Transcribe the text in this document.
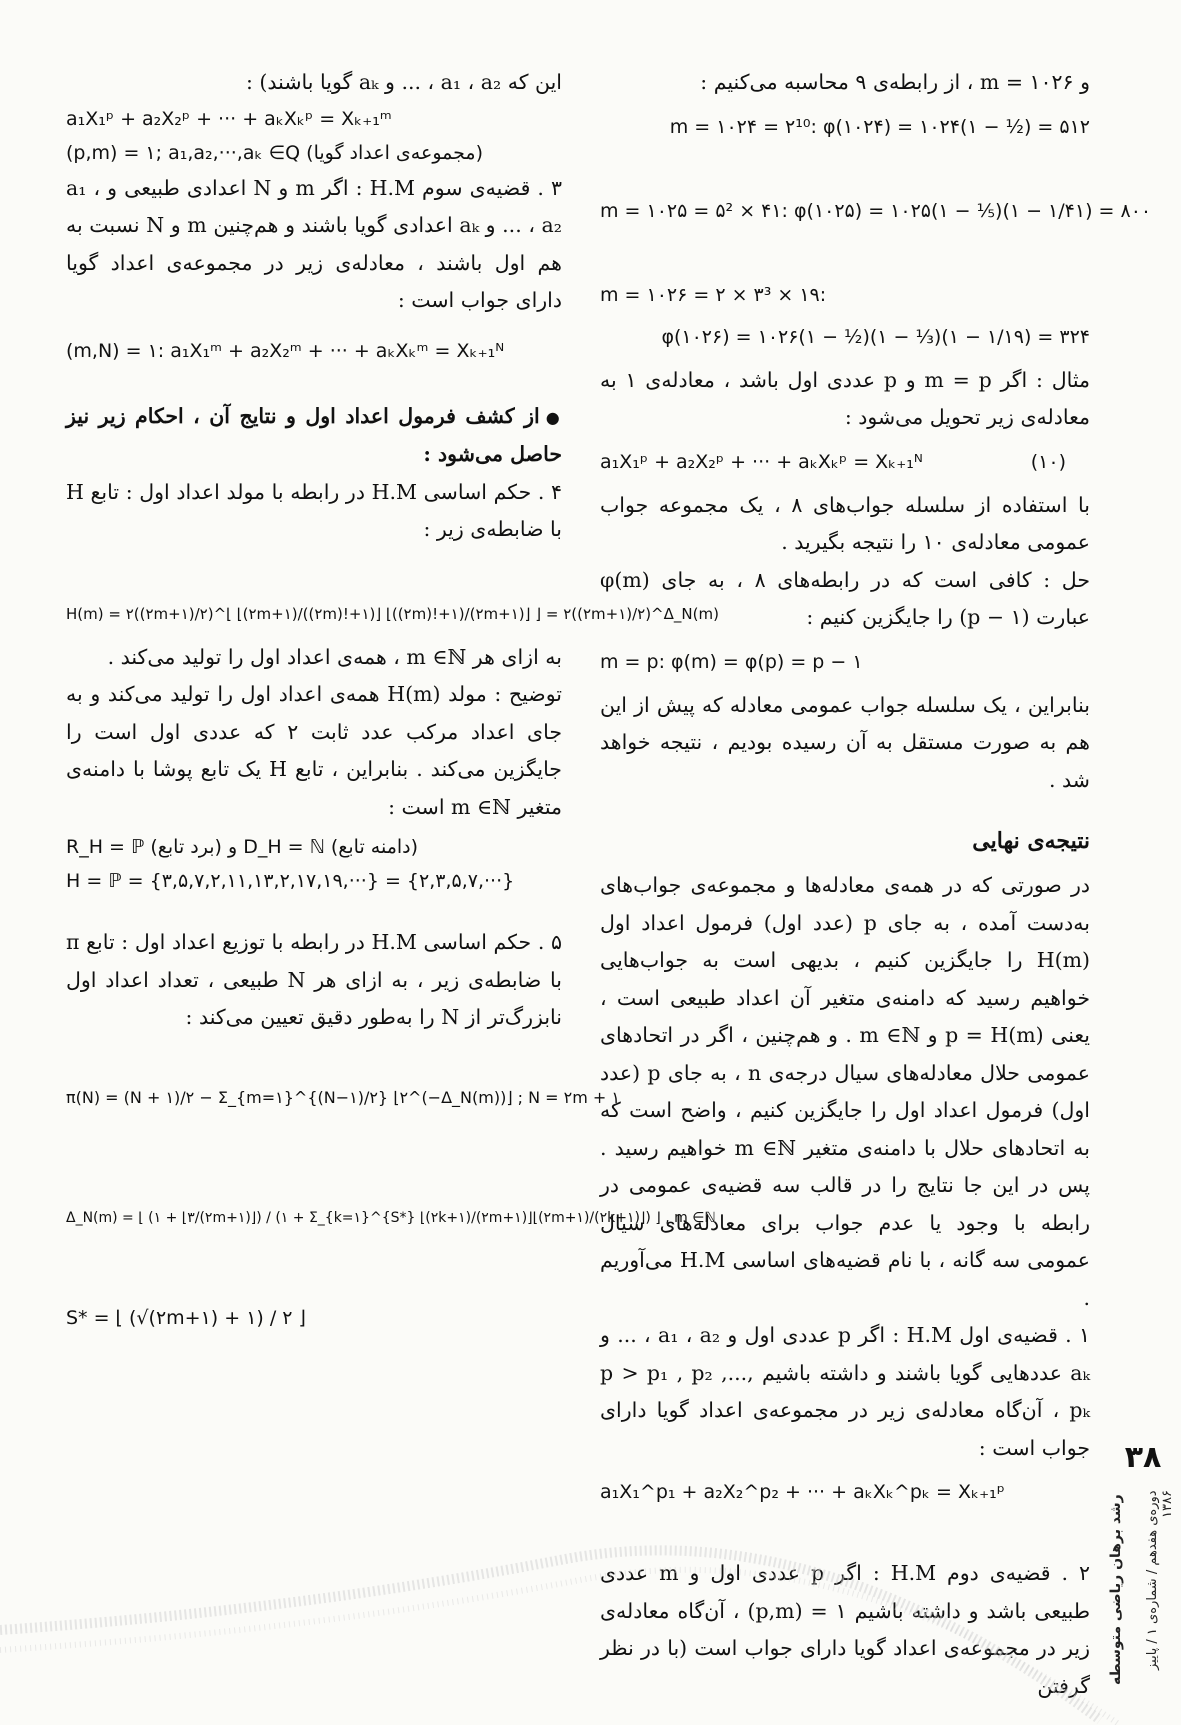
و m = ۱۰۲۶ ، از رابطه‌ی ۹ محاسبه می‌کنیم :

m = ۱۰۲۴ = ۲¹⁰: φ(۱۰۲۴) = ۱۰۲۴(۱ − ½) = ۵۱۲
m = ۱۰۲۵ = ۵² × ۴۱: φ(۱۰۲۵) = ۱۰۲۵(۱ − ⅕)(۱ − ۱/۴۱) = ۸۰۰
m = ۱۰۲۶ = ۲ × ۳³ × ۱۹:
φ(۱۰۲۶) = ۱۰۲۶(۱ − ½)(۱ − ⅓)(۱ − ۱/۱۹) = ۳۲۴

مثال : اگر m = p و p عددی اول باشد ، معادله‌ی ۱ به معادله‌ی زیر تحویل می‌شود :

a₁X₁ᵖ + a₂X₂ᵖ + ··· + aₖXₖᵖ = Xₖ₊₁ᴺ	(۱۰)

با استفاده از سلسله جواب‌های ۸ ، یک مجموعه جواب عمومی معادله‌ی ۱۰ را نتیجه بگیرید .

حل : کافی است که در رابطه‌های ۸ ، به جای φ(m) عبارت (p − ۱) را جایگزین کنیم :

m = p: φ(m) = φ(p) = p − ۱

بنابراین ، یک سلسله جواب عمومی معادله که پیش از این هم به صورت مستقل به آن رسیده بودیم ، نتیجه خواهد شد .

نتیجه‌ی نهایی

در صورتی که در همه‌ی معادله‌ها و مجموعه‌ی جواب‌های به‌دست آمده ، به جای p (عدد اول) فرمول اعداد اول H(m) را جایگزین کنیم ، بدیهی است به جواب‌هایی خواهیم رسید که دامنه‌ی متغیر آن اعداد طبیعی است ، یعنی p = H(m) و m ∈ℕ . و هم‌چنین ، اگر در اتحادهای عمومی حلال معادله‌های سیال درجه‌ی n ، به جای p (عدد اول) فرمول اعداد اول را جایگزین کنیم ، واضح است که به اتحادهای حلال با دامنه‌ی متغیر m ∈ℕ خواهیم رسید . پس در این جا نتایج را در قالب سه قضیه‌ی عمومی در رابطه با وجود یا عدم جواب برای معادله‌های سیال عمومی سه گانه ، با نام قضیه‌های اساسی H.M می‌آوریم .

۱ . قضیه‌ی اول H.M : اگر p عددی اول و a₁ ، a₂ ، ... و aₖ عددهایی گویا باشند و داشته باشیم p > p₁ , p₂ ,..., pₖ ، آن‌گاه معادله‌ی زیر در مجموعه‌ی اعداد گویا دارای جواب است :

a₁X₁^p₁ + a₂X₂^p₂ + ··· + aₖXₖ^pₖ = Xₖ₊₁ᵖ

۲ . قضیه‌ی دوم H.M : اگر p عددی اول و m عددی طبیعی باشد و داشته باشیم ۱ = (p,m) ، آن‌گاه معادله‌ی زیر در مجموعه‌ی اعداد گویا دارای جواب است (با در نظر گرفتن

این که a₁ ، a₂ ، ... و aₖ گویا باشند) :

a₁X₁ᵖ + a₂X₂ᵖ + ··· + aₖXₖᵖ = Xₖ₊₁ᵐ
(p,m) = ۱; a₁,a₂,···,aₖ ∈Q (مجموعه‌ی اعداد گویا)

۳ . قضیه‌ی سوم H.M : اگر m و N اعدادی طبیعی و a₁ ، a₂ ، ... و aₖ اعدادی گویا باشند و هم‌چنین m و N نسبت به هم اول باشند ، معادله‌ی زیر در مجموعه‌ی اعداد گویا دارای جواب است :

(m,N) = ۱: a₁X₁ᵐ + a₂X₂ᵐ + ··· + aₖXₖᵐ = Xₖ₊₁ᴺ

● از کشف فرمول اعداد اول و نتایج آن ، احکام زیر نیز حاصل می‌شود :

۴ . حکم اساسی H.M در رابطه با مولد اعداد اول : تابع H با ضابطه‌ی زیر :

H(m) = ۲((۲m+۱)/۲)^⌊ ⌊(۲m+۱)/((۲m)!+۱)⌋ ⌊((۲m)!+۱)/(۲m+۱)⌋ ⌋ = ۲((۲m+۱)/۲)^Δ_N(m)

به ازای هر m ∈ℕ ، همه‌ی اعداد اول را تولید می‌کند .

توضیح : مولد H(m) همه‌ی اعداد اول را تولید می‌کند و به جای اعداد مرکب عدد ثابت ۲ که عددی اول است را جایگزین می‌کند . بنابراین ، تابع H یک تابع پوشا با دامنه‌ی متغیر m ∈ℕ است :

R_H = ℙ (برد تابع) و D_H = ℕ (دامنه تابع)
H = ℙ = {۳,۵,۷,۲,۱۱,۱۳,۲,۱۷,۱۹,···} = {۲,۳,۵,۷,···}

۵ . حکم اساسی H.M در رابطه با توزیع اعداد اول : تابع π با ضابطه‌ی زیر ، به ازای هر N طبیعی ، تعداد اعداد اول نابزرگ‌تر از N را به‌طور دقیق تعیین می‌کند :

π(N) = (N + ۱)/۲ − Σ_{m=۱}^{(N−۱)/۲} ⌊۲^(−Δ_N(m))⌋ ; N = ۲m + ۱
Δ_N(m) = ⌊ (۱ + ⌊۳/(۲m+۱)⌋) / (۱ + Σ_{k=۱}^{S*} ⌊(۲k+۱)/(۲m+۱)⌋⌊(۲m+۱)/(۲k+۱)⌋) ⌋ , m ∈ℕ
S* = ⌊ (√(۲m+۱) + ۱) / ۲ ⌋
۳۸
رشد برهان ریاضی متوسطه	دوره‌ی هفدهم / شماره‌ی ۱ / پاییز ۱۳۸۶
